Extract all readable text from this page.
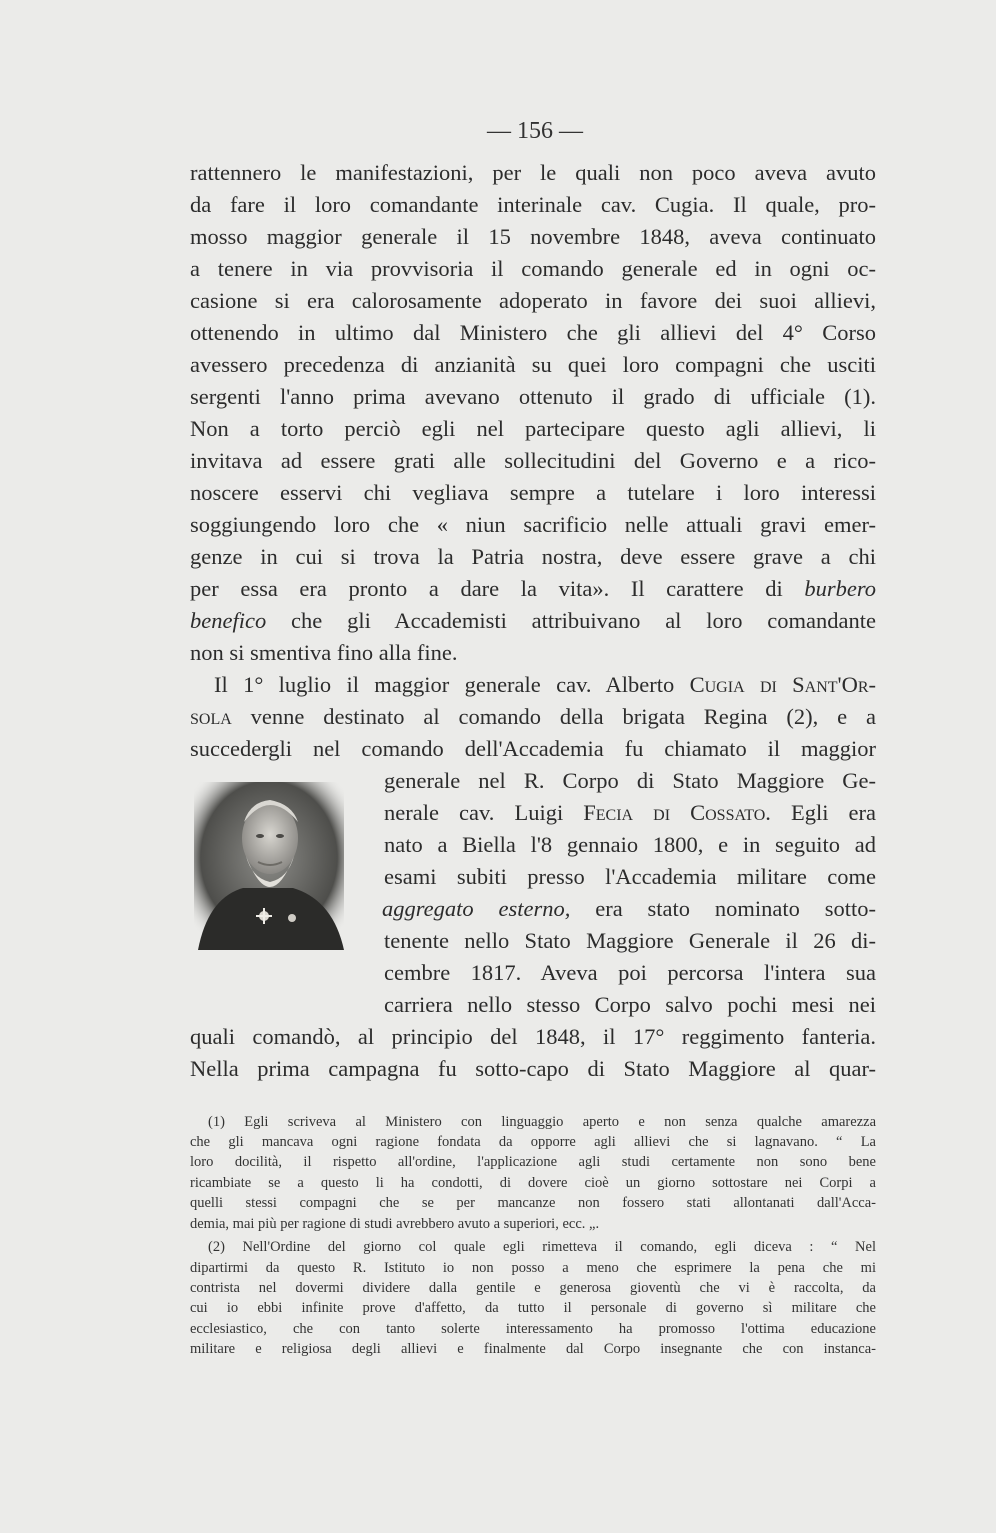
— 156 —
rattennero le manifestazioni, per le quali non poco aveva avuto
da fare il loro comandante interinale cav. Cugia. Il quale, pro-
mosso maggior generale il 15 novembre 1848, aveva continuato
a tenere in via provvisoria il comando generale ed in ogni oc-
casione si era calorosamente adoperato in favore dei suoi allievi,
ottenendo in ultimo dal Ministero che gli allievi del 4° Corso
avessero precedenza di anzianità su quei loro compagni che usciti
sergenti l'anno prima avevano ottenuto il grado di ufficiale (1).
Non a torto perciò egli nel partecipare questo agli allievi, li
invitava ad essere grati alle sollecitudini del Governo e a rico-
noscere esservi chi vegliava sempre a tutelare i loro interessi
soggiungendo loro che « niun sacrificio nelle attuali gravi emer-
genze in cui si trova la Patria nostra, deve essere grave a chi
per essa era pronto a dare la vita». Il carattere di burbero
benefico che gli Accademisti attribuivano al loro comandante
non si smentiva fino alla fine.
Il 1° luglio il maggior generale cav. Alberto Cugia di Sant'Or-
sola venne destinato al comando della brigata Regina (2), e a
succedergli nel comando dell'Accademia fu chiamato il maggior
generale nel R. Corpo di Stato Maggiore Ge-
nerale cav. Luigi Fecia di Cossato. Egli era
nato a Biella l'8 gennaio 1800, e in seguito ad
esami subiti presso l'Accademia militare come
aggregato esterno, era stato nominato sotto-
tenente nello Stato Maggiore Generale il 26 di-
cembre 1817. Aveva poi percorsa l'intera sua
carriera nello stesso Corpo salvo pochi mesi nei
quali comandò, al principio del 1848, il 17° reggimento fanteria.
Nella prima campagna fu sotto-capo di Stato Maggiore al quar-
(1) Egli scriveva al Ministero con linguaggio aperto e non senza qualche amarezza
che gli mancava ogni ragione fondata da opporre agli allievi che si lagnavano. “ La
loro docilità, il rispetto all'ordine, l'applicazione agli studi certamente non sono bene
ricambiate se a questo li ha condotti, di dovere cioè un giorno sottostare nei Corpi a
quelli stessi compagni che se per mancanze non fossero stati allontanati dall'Acca-
demia, mai più per ragione di studi avrebbero avuto a superiori, ecc. „.
(2) Nell'Ordine del giorno col quale egli rimetteva il comando, egli diceva : “ Nel
dipartirmi da questo R. Istituto io non posso a meno che esprimere la pena che mi
contrista nel dovermi dividere dalla gentile e generosa gioventù che vi è raccolta, da
cui io ebbi infinite prove d'affetto, da tutto il personale di governo sì militare che
ecclesiastico, che con tanto solerte interessamento ha promosso l'ottima educazione
militare e religiosa degli allievi e finalmente dal Corpo insegnante che con instanca-
